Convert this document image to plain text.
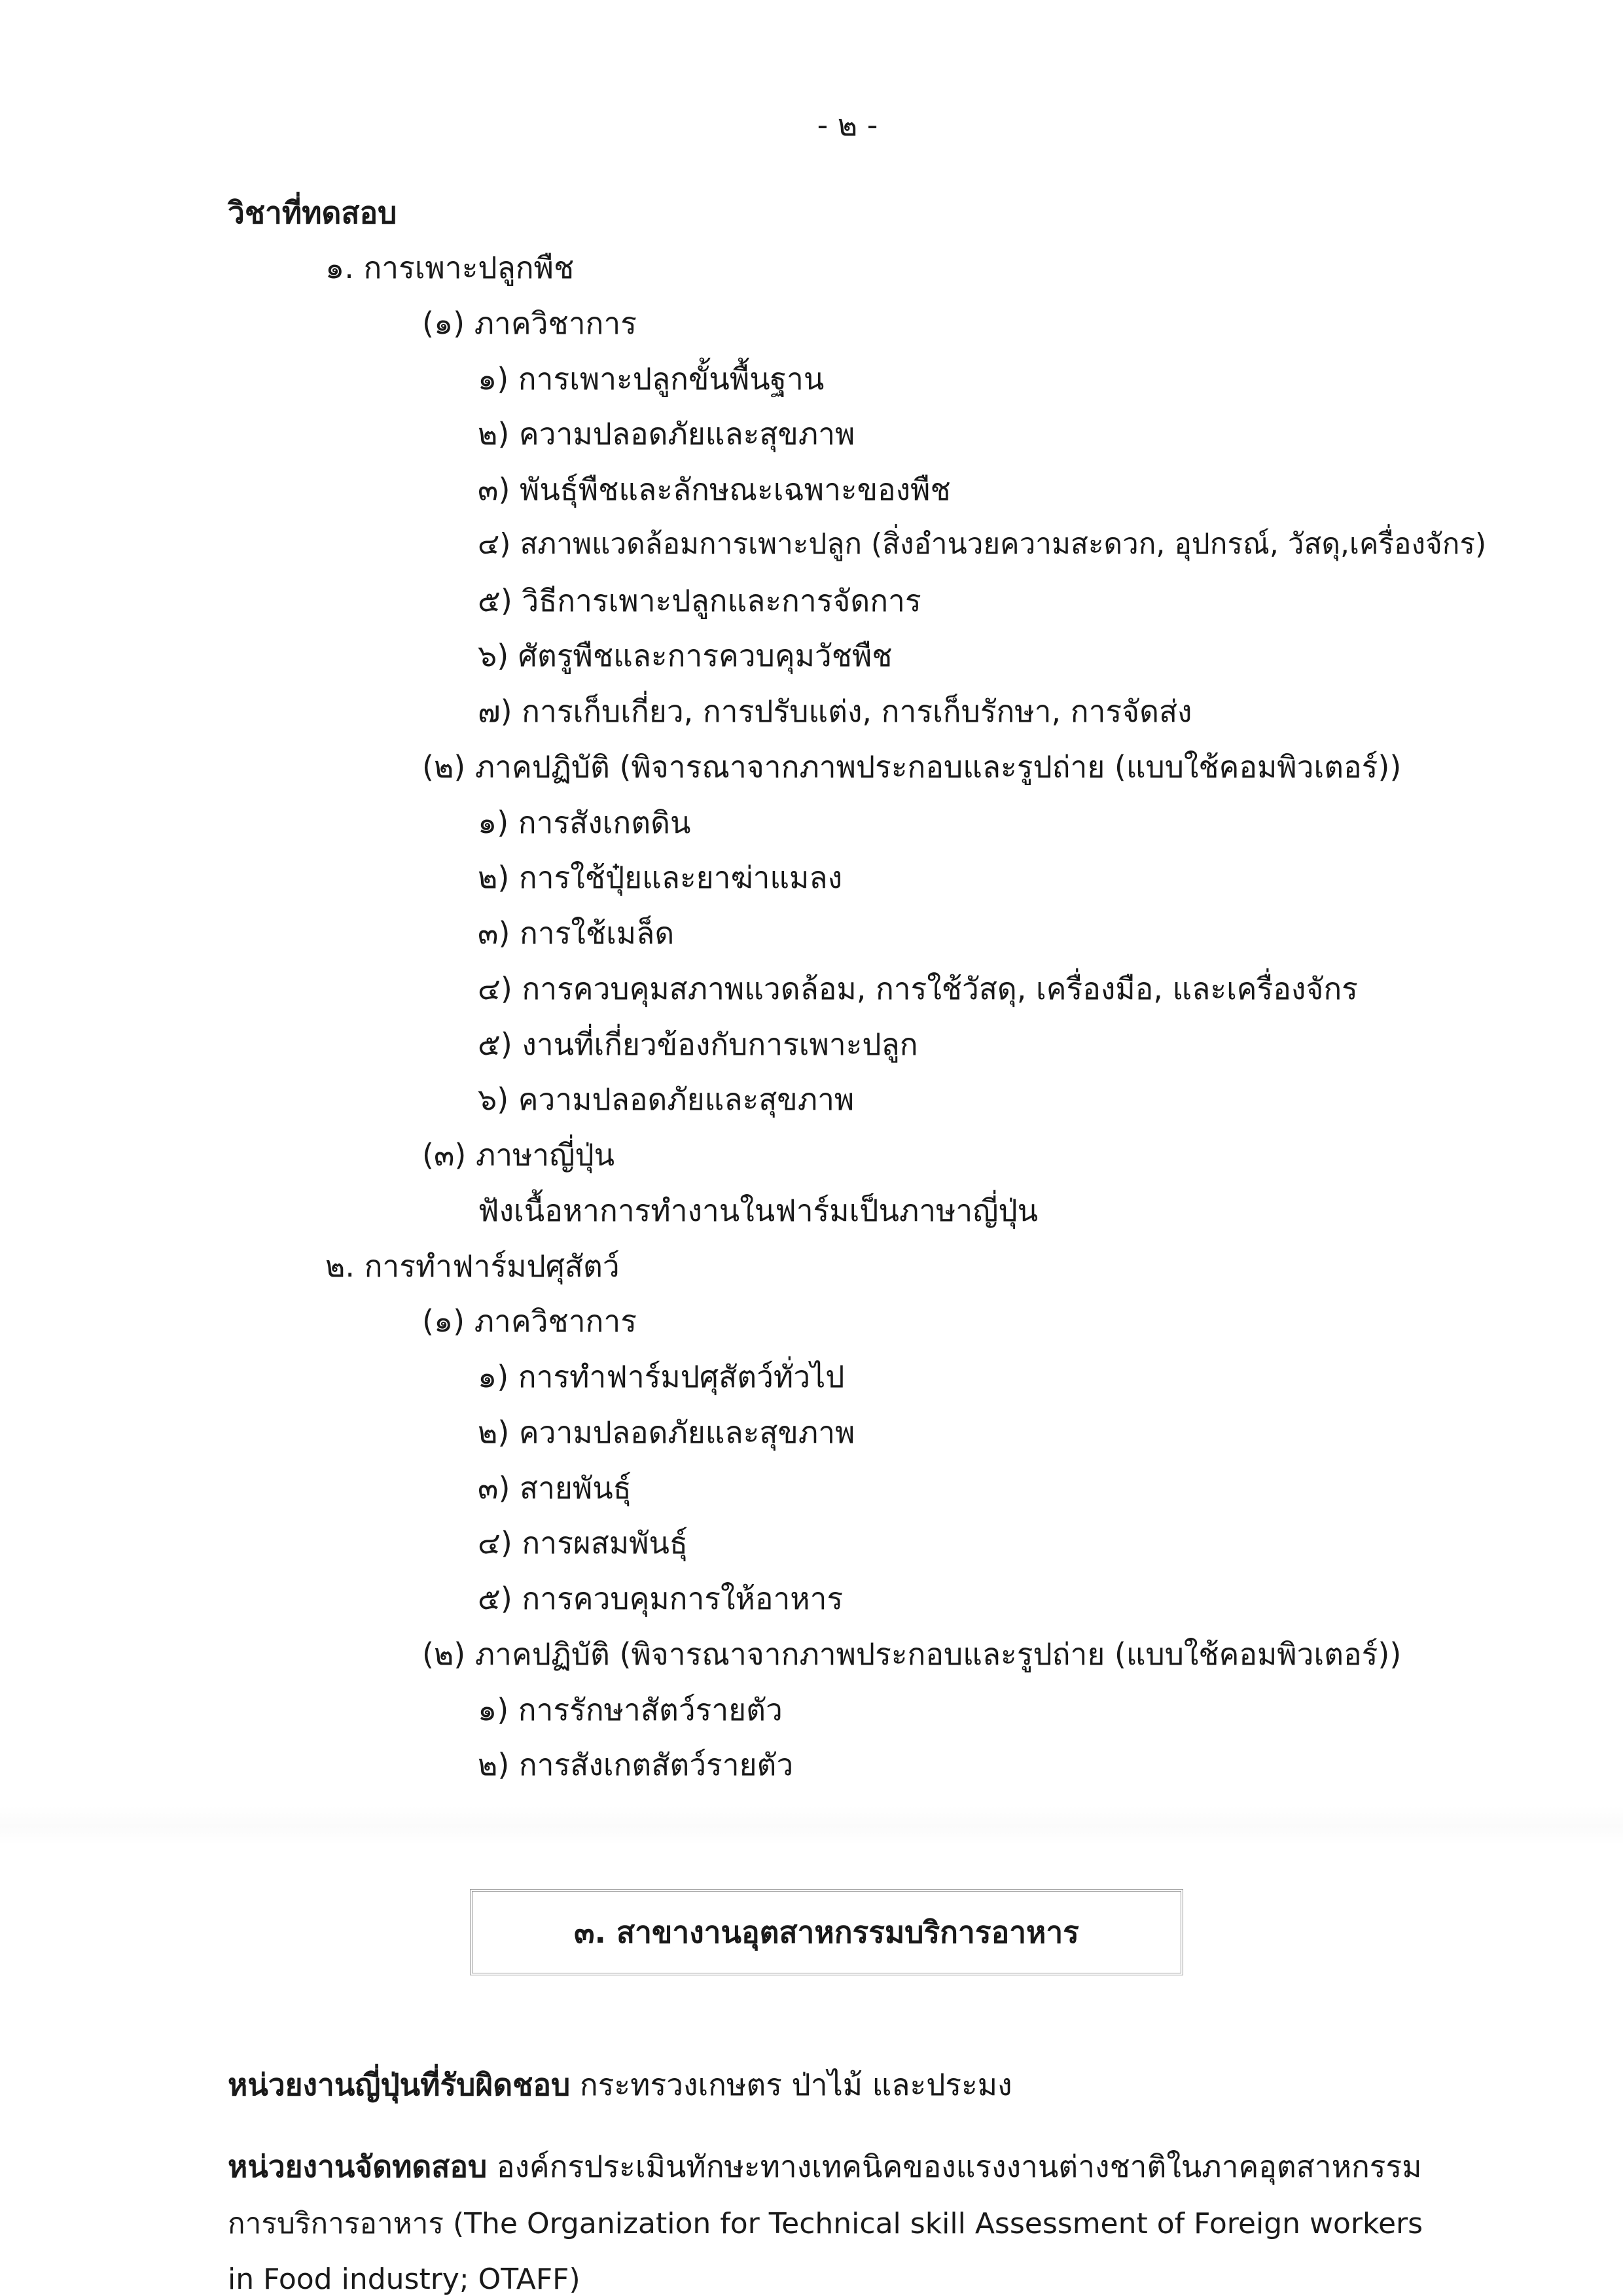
- ๒ -
วิชาที่ทดสอบ
๑. การเพาะปลูกพืช
(๑) ภาควิชาการ
๑) การเพาะปลูกขั้นพื้นฐาน
๒) ความปลอดภัยและสุขภาพ
๓) พันธุ์พืชและลักษณะเฉพาะของพืช
๔) สภาพแวดล้อมการเพาะปลูก (สิ่งอำนวยความสะดวก, อุปกรณ์, วัสดุ,เครื่องจักร)
๕) วิธีการเพาะปลูกและการจัดการ
๖) ศัตรูพืชและการควบคุมวัชพืช
๗) การเก็บเกี่ยว, การปรับแต่ง, การเก็บรักษา, การจัดส่ง
(๒) ภาคปฏิบัติ (พิจารณาจากภาพประกอบและรูปถ่าย (แบบใช้คอมพิวเตอร์))
๑) การสังเกตดิน
๒) การใช้ปุ๋ยและยาฆ่าแมลง
๓) การใช้เมล็ด
๔) การควบคุมสภาพแวดล้อม, การใช้วัสดุ, เครื่องมือ, และเครื่องจักร
๕) งานที่เกี่ยวข้องกับการเพาะปลูก
๖) ความปลอดภัยและสุขภาพ
(๓) ภาษาญี่ปุ่น
ฟังเนื้อหาการทำงานในฟาร์มเป็นภาษาญี่ปุ่น
๒. การทำฟาร์มปศุสัตว์
(๑) ภาควิชาการ
๑) การทำฟาร์มปศุสัตว์ทั่วไป
๒) ความปลอดภัยและสุขภาพ
๓) สายพันธุ์
๔) การผสมพันธุ์
๕) การควบคุมการให้อาหาร
(๒) ภาคปฏิบัติ (พิจารณาจากภาพประกอบและรูปถ่าย (แบบใช้คอมพิวเตอร์))
๑) การรักษาสัตว์รายตัว
๒) การสังเกตสัตว์รายตัว
๓. สาขางานอุตสาหกรรมบริการอาหาร
หน่วยงานญี่ปุ่นที่รับผิดชอบ กระทรวงเกษตร ป่าไม้ และประมง
หน่วยงานจัดทดสอบ องค์กรประเมินทักษะทางเทคนิคของแรงงานต่างชาติในภาคอุตสาหกรรม
การบริการอาหาร (The Organization for Technical skill Assessment of Foreign workers
in Food industry; OTAFF)
